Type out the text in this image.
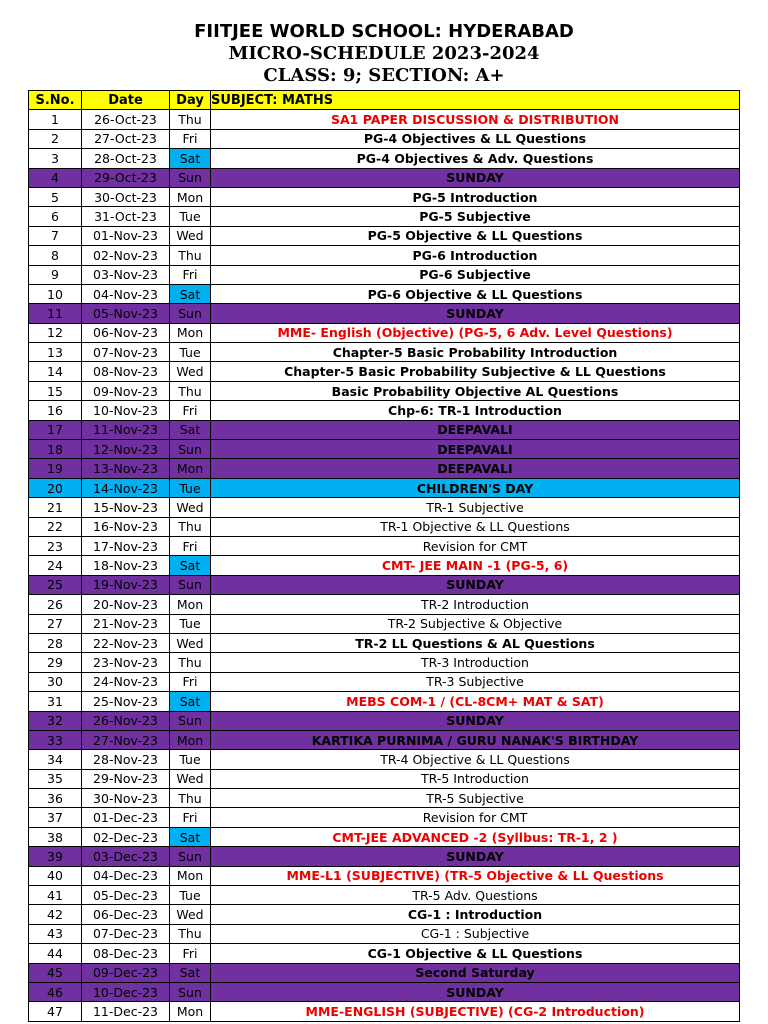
FIITJEE WORLD SCHOOL: HYDERABAD
MICRO-SCHEDULE 2023-2024
CLASS: 9; SECTION: A+
S.No.	Date	Day	SUBJECT: MATHS
1	26-Oct-23	Thu	SA1 PAPER DISCUSSION & DISTRIBUTION
2	27-Oct-23	Fri	PG-4 Objectives & LL Questions
3	28-Oct-23	Sat	PG-4 Objectives & Adv. Questions
4	29-Oct-23	Sun	SUNDAY
5	30-Oct-23	Mon	PG-5 Introduction
6	31-Oct-23	Tue	PG-5 Subjective
7	01-Nov-23	Wed	PG-5 Objective & LL Questions
8	02-Nov-23	Thu	PG-6 Introduction
9	03-Nov-23	Fri	PG-6 Subjective
10	04-Nov-23	Sat	PG-6 Objective & LL Questions
11	05-Nov-23	Sun	SUNDAY
12	06-Nov-23	Mon	MME- English (Objective) (PG-5, 6 Adv. Level Questions)
13	07-Nov-23	Tue	Chapter-5 Basic Probability Introduction
14	08-Nov-23	Wed	Chapter-5 Basic Probability Subjective & LL Questions
15	09-Nov-23	Thu	Basic Probability Objective AL Questions
16	10-Nov-23	Fri	Chp-6: TR-1 Introduction
17	11-Nov-23	Sat	DEEPAVALI
18	12-Nov-23	Sun	DEEPAVALI
19	13-Nov-23	Mon	DEEPAVALI
20	14-Nov-23	Tue	CHILDREN'S DAY
21	15-Nov-23	Wed	TR-1 Subjective
22	16-Nov-23	Thu	TR-1 Objective & LL Questions
23	17-Nov-23	Fri	Revision for CMT
24	18-Nov-23	Sat	CMT- JEE MAIN -1 (PG-5, 6)
25	19-Nov-23	Sun	SUNDAY
26	20-Nov-23	Mon	TR-2 Introduction
27	21-Nov-23	Tue	TR-2 Subjective & Objective
28	22-Nov-23	Wed	TR-2 LL Questions & AL Questions
29	23-Nov-23	Thu	TR-3 Introduction
30	24-Nov-23	Fri	TR-3 Subjective
31	25-Nov-23	Sat	MEBS COM-1 / (CL-8CM+ MAT & SAT)
32	26-Nov-23	Sun	SUNDAY
33	27-Nov-23	Mon	KARTIKA PURNIMA / GURU NANAK'S BIRTHDAY
34	28-Nov-23	Tue	TR-4 Objective & LL Questions
35	29-Nov-23	Wed	TR-5 Introduction
36	30-Nov-23	Thu	TR-5 Subjective
37	01-Dec-23	Fri	Revision for CMT
38	02-Dec-23	Sat	CMT-JEE ADVANCED -2 (Syllbus: TR-1, 2 )
39	03-Dec-23	Sun	SUNDAY
40	04-Dec-23	Mon	MME-L1 (SUBJECTIVE) (TR-5 Objective & LL Questions
41	05-Dec-23	Tue	TR-5 Adv. Questions
42	06-Dec-23	Wed	CG-1 : Introduction
43	07-Dec-23	Thu	CG-1 : Subjective
44	08-Dec-23	Fri	CG-1 Objective & LL Questions
45	09-Dec-23	Sat	Second Saturday
46	10-Dec-23	Sun	SUNDAY
47	11-Dec-23	Mon	MME-ENGLISH (SUBJECTIVE) (CG-2 Introduction)
